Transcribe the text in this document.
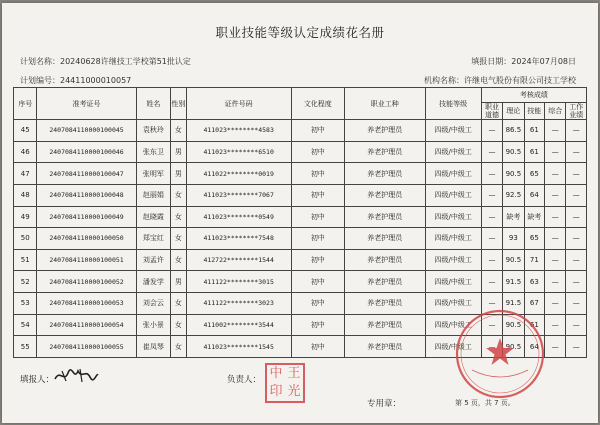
职业技能等级认定成绩花名册
计划名称：20240628许继技工学校第51批认定	填报日期：2024年07月08日
计划编号：24411000010057	机构名称：许继电气股份有限公司技工学校
序号	准考证号	姓名	性别	证件号码	文化程度	职业工种	技能等级	考核成绩				
								职业道德	理论	技能	综合	工作业绩
45	2407084110000100045	袁秋玲	女	411023********4583	初中	养老护理员	四级/中级工	—	86.5	61	—	—
46	2407084110000100046	张东卫	男	411023********6510	初中	养老护理员	四级/中级工	—	90.5	61	—	—
47	2407084110000100047	张明军	男	411022********0019	初中	养老护理员	四级/中级工	—	90.5	65	—	—
48	2407084110000100048	赵丽娟	女	411023********7067	初中	养老护理员	四级/中级工	—	92.5	64	—	—
49	2407084110000100049	赵晓霞	女	411023********0549	初中	养老护理员	四级/中级工	—	缺考	缺考	—	—
50	2407084110000100050	郑宝红	女	411023********7548	初中	养老护理员	四级/中级工	—	93	65	—	—
51	2407084110000100051	刘孟许	女	412722********1544	初中	养老护理员	四级/中级工	—	90.5	71	—	—
52	2407084110000100052	潘发学	男	411122********3015	初中	养老护理员	四级/中级工	—	91.5	63	—	—
53	2407084110000100053	刘会云	女	411122********3023	初中	养老护理员	四级/中级工	—	91.5	67	—	—
54	2407084110000100054	张小景	女	411002********3544	初中	养老护理员	四级/中级工	—	90.5	61	—	—
55	2407084110000100055	崔凤琴	女	411023********1545	初中	养老护理员	四级/中级工	—	90.5	64	—	—
填报人：	负责人： 中 王
印 光
专用章：	第 5 页，共 7 页。
